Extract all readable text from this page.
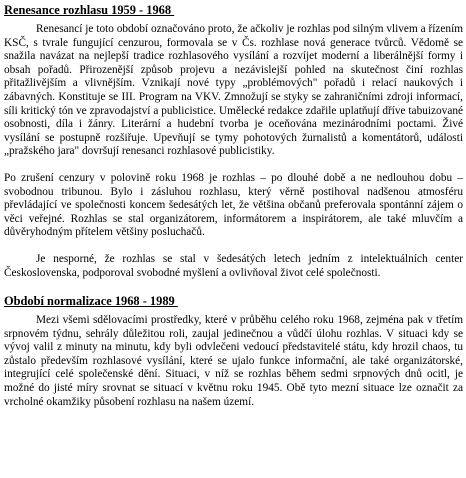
Renesance rozhlasu 1959 - 1968

Renesancí je toto období označováno proto, že ačkoliv je rozhlas pod silným vlivem a řízením KSČ, s tvrale fungující cenzurou, formovala se v Čs. rozhlase nová generace tvůrců. Vědomě se snažila navázat na nejlepší tradice rozhlasového vysílání a rozvíjet moderní a liberálnější formy i obsah pořadů. Přirozenější způsob projevu a nezávislejší pohled na skutečnost činí rozhlas přitažlivějším a vlivnějším. Vznikají nové typy „problémových" pořadů i relací naukových i zábavných. Konstituje se III. Program na VKV. Zmnožují se styky se zahraničními zdroji informací, síli kritický tón ve zpravodajství a publicistice. Umělecké redakce zdařile uplatňují dříve tabuizované osobnosti, díla i žánry. Literární a hudební tvorba je oceňována mezinárodními poctami. Živé vysílání se postupně rozšiřuje. Upevňují se tymy pohotových žurnalistů a komentátorů, události „pražského jara" dovršují renesanci rozhlasové publicistiky.

Po zrušení cenzury v polovině roku 1968 je rozhlas – po dlouhé době a ne nedlouhou dobu – svobodnou tribunou. Bylo i zásluhou rozhlasu, který věrně postihoval nadšenou atmosféru převládající ve společnosti koncem šedesátých let, že většina občanů preferovala spontánní zájem o věci veřejné. Rozhlas se stal organizátorem, informátorem a inspirátorem, ale také mluvčím a důvěryhodným přítelem většiny posluchačů.

Je nesporné, že rozhlas se stal v šedesátých letech jedním z intelektuálních center Československa, podporoval svobodné myšlení a ovlivňoval život celé společnosti.

Období normalizace 1968 - 1989

Mezi všemi sdělovacími prostředky, které v průběhu celého roku 1968, zejména pak v třetím srpnovém týdnu, sehrály důležitou roli, zaujal jedinečnou a vůdčí úlohu rozhlas. V situaci kdy se vývoj valil z minuty na minutu, kdy byli odvlečeni vedoucí představitelé státu, kdy hrozil chaos, tu zůstalo především rozhlasové vysílání, které se ujalo funkce informační, ale také organizátorské, integrující celé společenské dění. Situaci, v níž se rozhlas během sedmi srpnových dnů ocitl, je možné do jisté míry srovnat se situací v květnu roku 1945. Obě tyto mezní situace lze označit za vrcholné okamžiky působení rozhlasu na našem území.
